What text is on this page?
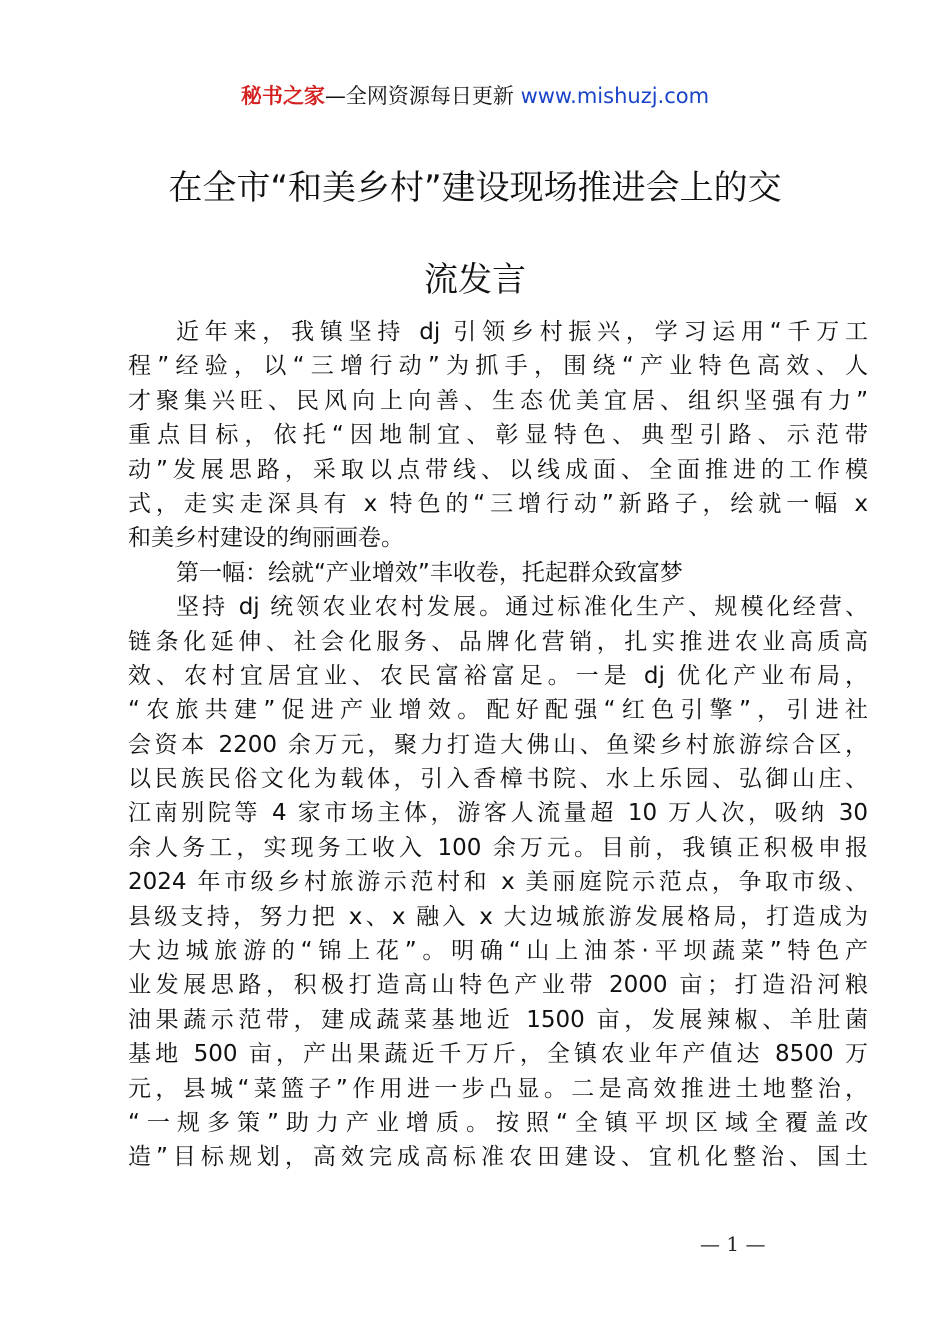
秘书之家—全网资源每日更新 www.mishuzj.com
在全市“和美乡村”建设现场推进会上的交
流发言
近年来，我镇坚持 dj 引领乡村振兴，学习运用“千万工
程”经验，以“三增行动”为抓手，围绕“产业特色高效、人
才聚集兴旺、民风向上向善、生态优美宜居、组织坚强有力”
重点目标，依托“因地制宜、彰显特色、典型引路、示范带
动”发展思路，采取以点带线、以线成面、全面推进的工作模
式，走实走深具有 x 特色的“三增行动”新路子，绘就一幅 x
和美乡村建设的绚丽画卷。
第一幅：绘就“产业增效”丰收卷，托起群众致富梦
坚持 dj 统领农业农村发展。通过标准化生产、规模化经营、
链条化延伸、社会化服务、品牌化营销，扎实推进农业高质高
效、农村宜居宜业、农民富裕富足。一是 dj 优化产业布局，
“农旅共建”促进产业增效。配好配强“红色引擎”，引进社
会资本 2200 余万元，聚力打造大佛山、鱼梁乡村旅游综合区，
以民族民俗文化为载体，引入香樟书院、水上乐园、弘御山庄、
江南别院等 4 家市场主体，游客人流量超 10 万人次，吸纳 30
余人务工，实现务工收入 100 余万元。目前，我镇正积极申报
2024 年市级乡村旅游示范村和 x 美丽庭院示范点，争取市级、
县级支持，努力把 x、x 融入 x 大边城旅游发展格局，打造成为
大边城旅游的“锦上花”。明确“山上油茶·平坝蔬菜”特色产
业发展思路，积极打造高山特色产业带 2000 亩；打造沿河粮
油果蔬示范带，建成蔬菜基地近 1500 亩，发展辣椒、羊肚菌
基地 500 亩，产出果蔬近千万斤，全镇农业年产值达 8500 万
元，县城“菜篮子”作用进一步凸显。二是高效推进土地整治，
“一规多策”助力产业增质。按照“全镇平坝区域全覆盖改
造”目标规划，高效完成高标准农田建设、宜机化整治、国土
— 1 —
